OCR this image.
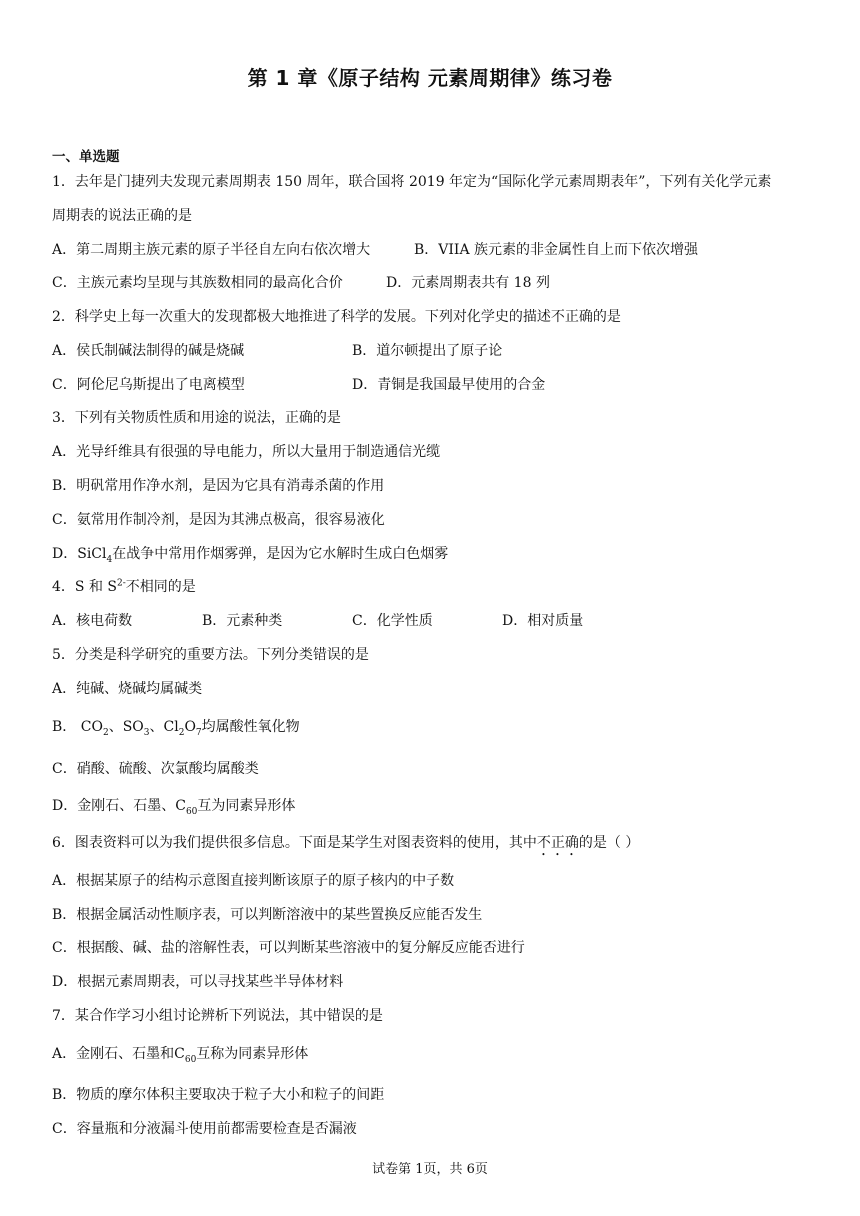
第 1 章《原子结构 元素周期律》练习卷
一、单选题
1．去年是门捷列夫发现元素周期表 150 周年，联合国将 2019 年定为“国际化学元素周期表年”，下列有关化学元素
周期表的说法正确的是
A．第二周期主族元素的原子半径自左向右依次增大	B．VIIA 族元素的非金属性自上而下依次增强
C．主族元素均呈现与其族数相同的最高化合价	D．元素周期表共有 18 列
2．科学史上每一次重大的发现都极大地推进了科学的发展。下列对化学史的描述不正确的是
A．侯氏制碱法制得的碱是烧碱	B．道尔顿提出了原子论
C．阿伦尼乌斯提出了电离模型	D．青铜是我国最早使用的合金
3．下列有关物质性质和用途的说法，正确的是
A．光导纤维具有很强的导电能力，所以大量用于制造通信光缆
B．明矾常用作净水剂，是因为它具有消毒杀菌的作用
C．氨常用作制冷剂，是因为其沸点极高，很容易液化
D．SiCl$_4$在战争中常用作烟雾弹，是因为它水解时生成白色烟雾
4．S 和 $S^{2-}$不相同的是
A．核电荷数	B．元素种类	C．化学性质	D．相对质量
5．分类是科学研究的重要方法。下列分类错误的是
A．纯碱、烧碱均属碱类
B． $CO_2$、$SO_3$、$Cl_2O_7$均属酸性氧化物
C．硝酸、硫酸、次氯酸均属酸类
D．金刚石、石墨、$C_{60}$互为同素异形体
6．图表资料可以为我们提供很多信息。下面是某学生对图表资料的使用，其中不正确的是（ ）
A．根据某原子的结构示意图直接判断该原子的原子核内的中子数
B．根据金属活动性顺序表，可以判断溶液中的某些置换反应能否发生
C．根据酸、碱、盐的溶解性表，可以判断某些溶液中的复分解反应能否进行
D．根据元素周期表，可以寻找某些半导体材料
7．某合作学习小组讨论辨析下列说法，其中错误的是
A．金刚石、石墨和$C_{60}$互称为同素异形体
B．物质的摩尔体积主要取决于粒子大小和粒子的间距
C．容量瓶和分液漏斗使用前都需要检查是否漏液
试卷第 1页，共 6页
